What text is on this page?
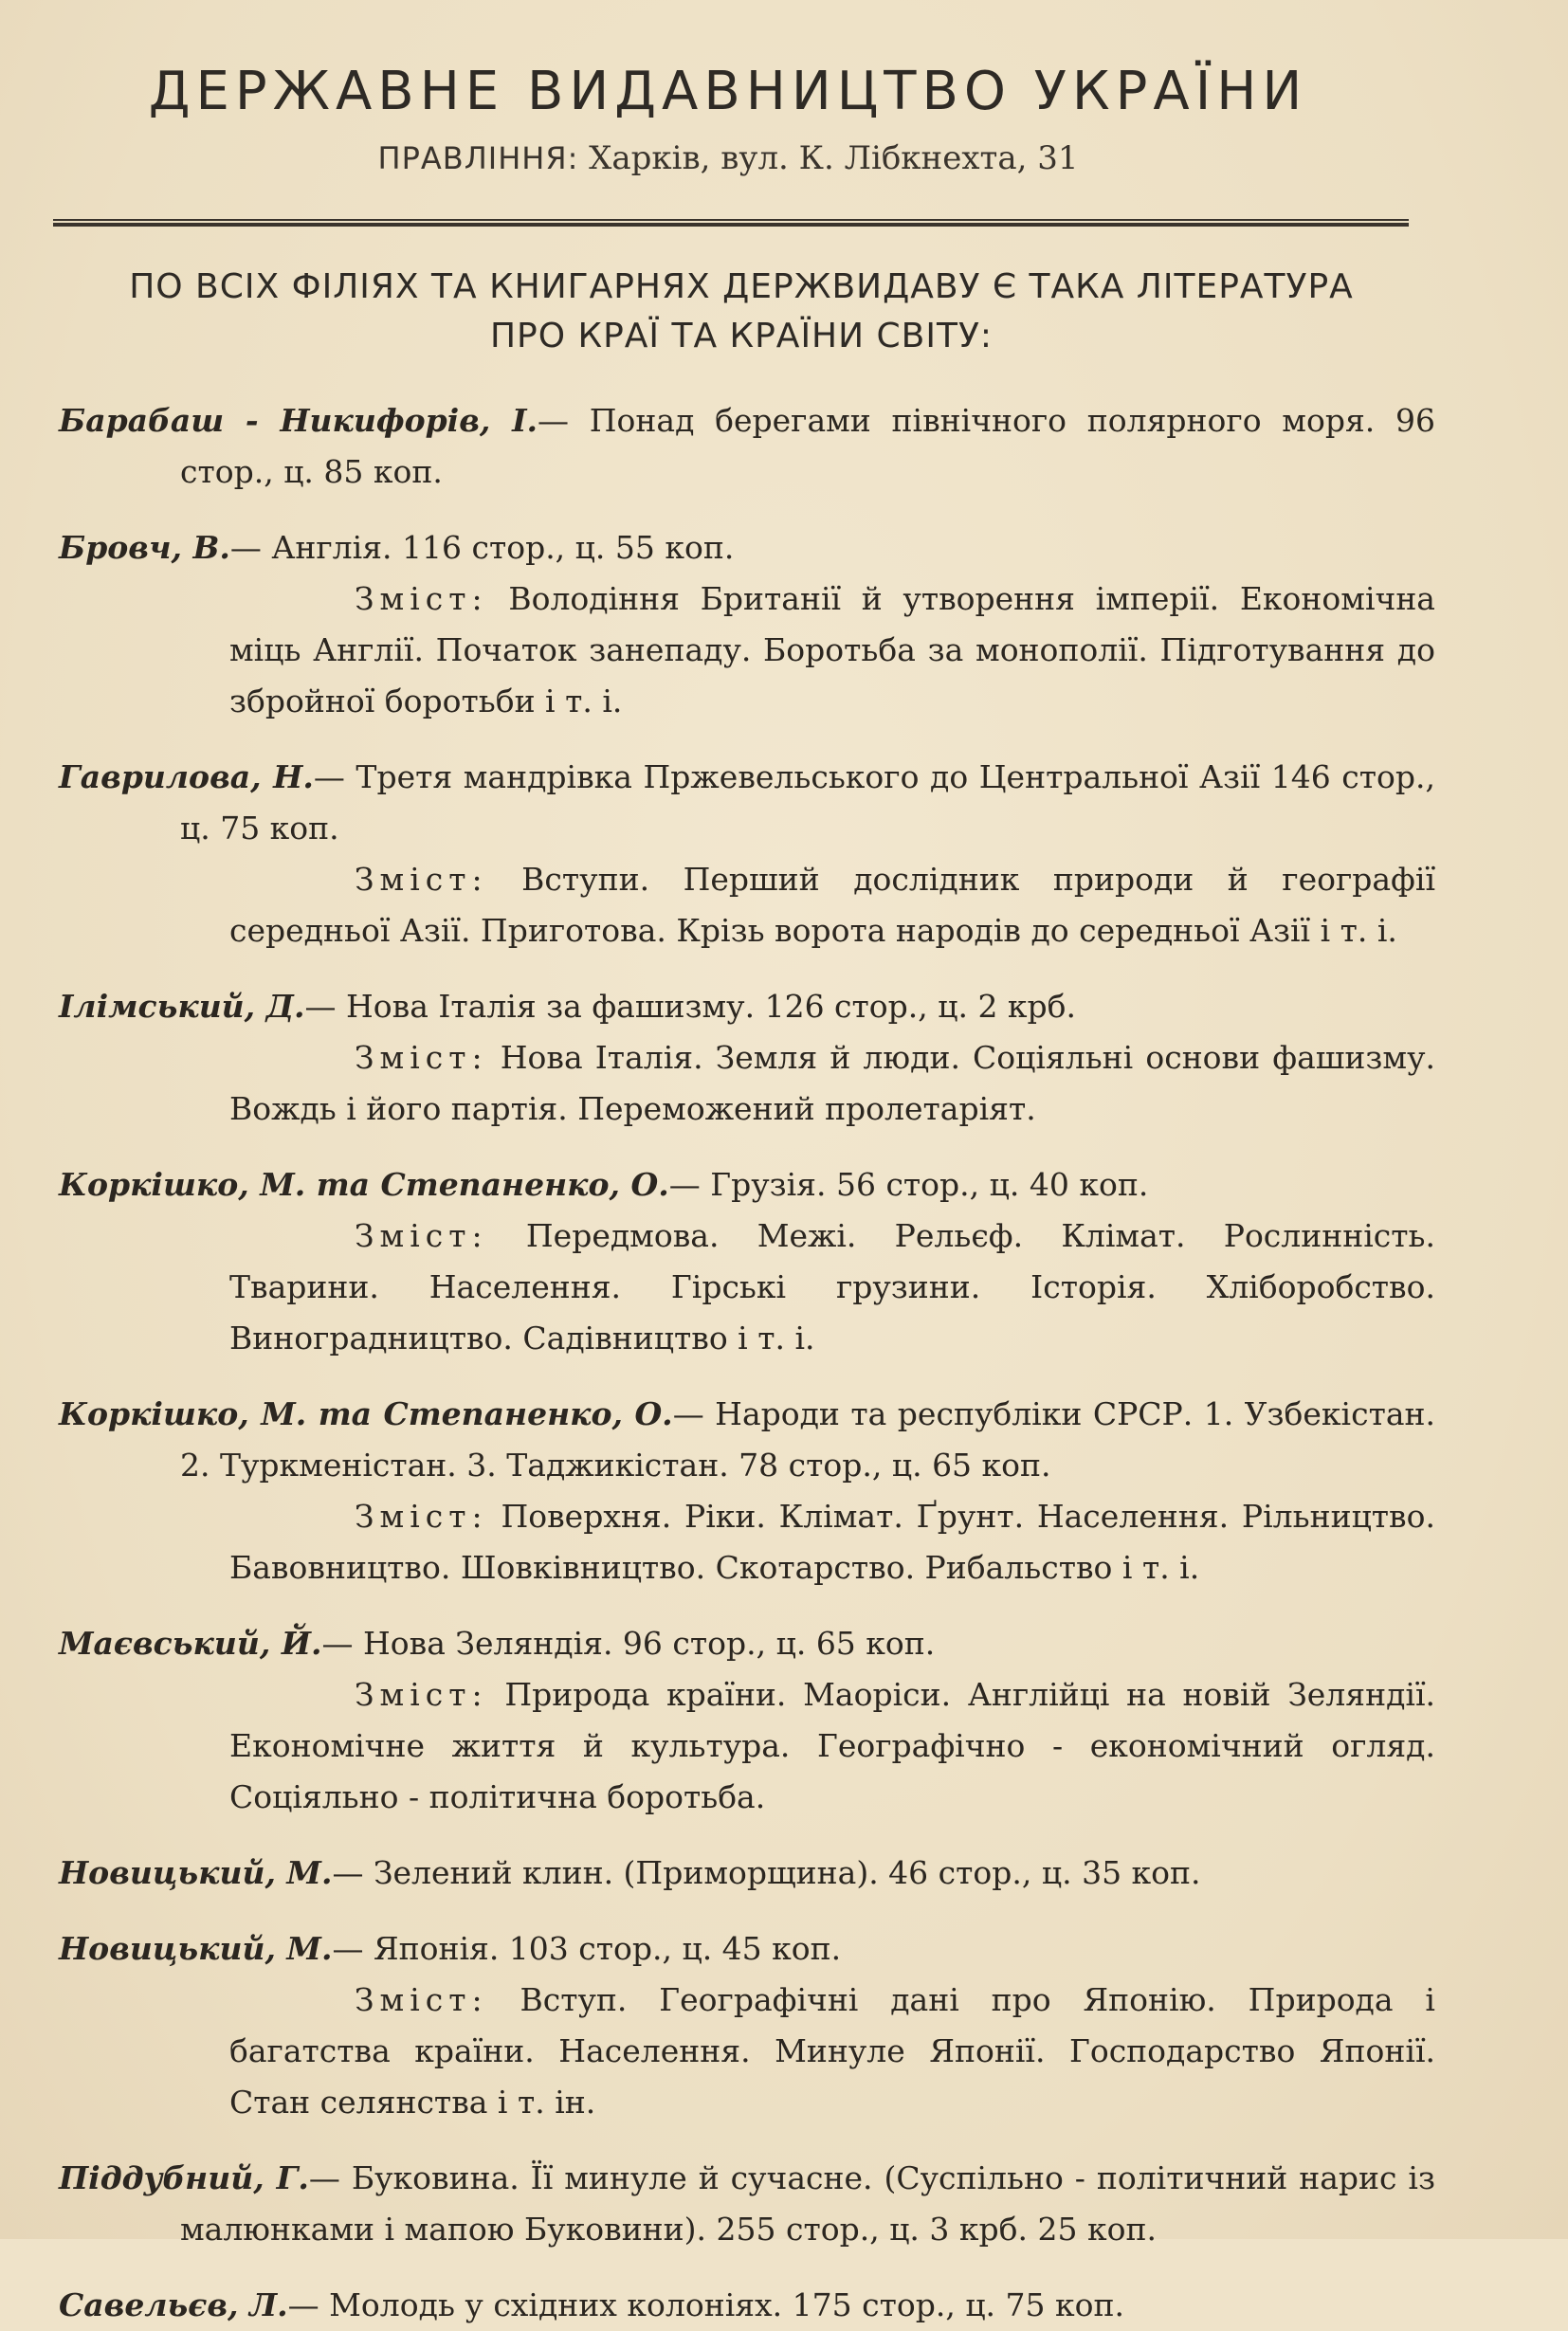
ДЕРЖАВНЕ ВИДАВНИЦТВО УКРАЇНИ
ПРАВЛІННЯ: Харків, вул. К. Лібкнехта, 31
ПО ВСІХ ФІЛІЯХ ТА КНИГАРНЯХ ДЕРЖВИДАВУ Є ТАКА ЛІТЕРАТУРА
ПРО КРАЇ ТА КРАЇНИ СВІТУ:
Барабаш - Никифорів, І.— Понад берегами північного полярного моря. 96 стор., ц. 85 коп.
Бровч, В.— Англія. 116 стор., ц. 55 коп.
Зміст: Володіння Британії й утворення імперії. Економічна міць Англії. Початок занепаду. Боротьба за монополії. Підготування до збройної боротьби і т. і.
Гаврилова, Н.— Третя мандрівка Пржевельського до Центральної Азії 146 стор., ц. 75 коп.
Зміст: Вступи. Перший дослідник природи й географії середньої Азії. Приготова. Крізь ворота народів до середньої Азії і т. і.
Ілімський, Д.— Нова Італія за фашизму. 126 стор., ц. 2 крб.
Зміст: Нова Італія. Земля й люди. Соціяльні основи фашизму. Вождь і його партія. Переможений пролетаріят.
Коркішко, М. та Степаненко, О.— Грузія. 56 стор., ц. 40 коп.
Зміст: Передмова. Межі. Рельєф. Клімат. Рослинність. Тварини. Населення. Гірські грузини. Історія. Хліборобство. Виноградництво. Садівництво і т. і.
Коркішко, М. та Степаненко, О.— Народи та республіки СРСР. 1. Узбекістан. 2. Туркменістан. 3. Таджикістан. 78 стор., ц. 65 коп.
Зміст: Поверхня. Ріки. Клімат. Ґрунт. Населення. Рільництво. Бавовництво. Шовківництво. Скотарство. Рибальство і т. і.
Маєвський, Й.— Нова Зеляндія. 96 стор., ц. 65 коп.
Зміст: Природа країни. Маоріси. Англійці на новій Зеляндії. Економічне життя й культура. Географічно - економічний огляд. Соціяльно - політична боротьба.
Новицький, М.— Зелений клин. (Приморщина). 46 стор., ц. 35 коп.
Новицький, М.— Японія. 103 стор., ц. 45 коп.
Зміст: Вступ. Географічні дані про Японію. Природа і багатства країни. Населення. Минуле Японії. Господарство Японії. Стан селянства і т. ін.
Піддубний, Г.— Буковина. Її минуле й сучасне. (Суспільно - політичний нарис із малюнками і мапою Буковини). 255 стор., ц. 3 крб. 25 коп.
Савельєв, Л.— Молодь у східних колоніях. 175 стор., ц. 75 коп.
